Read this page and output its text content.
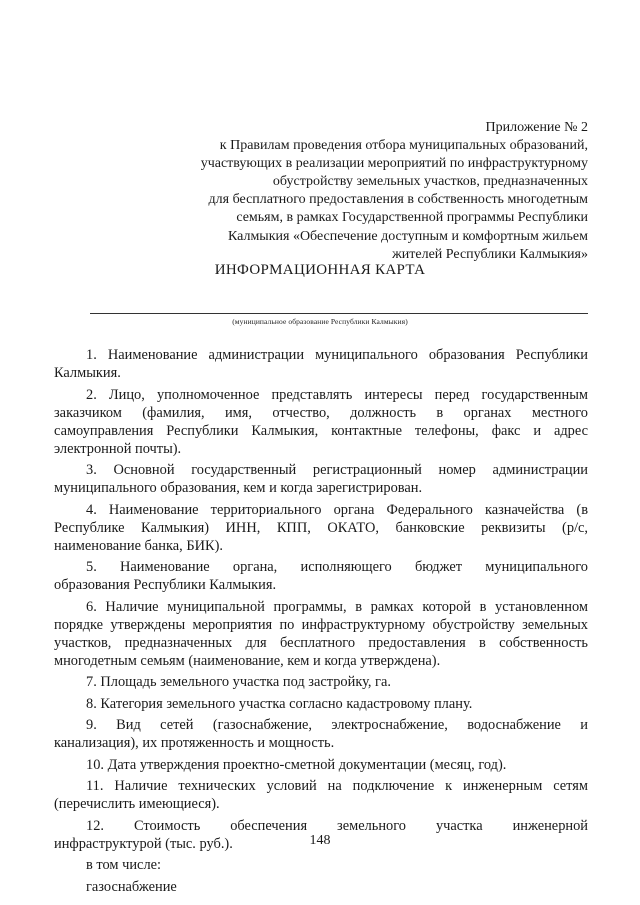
Приложение № 2
к Правилам проведения отбора муниципальных образований,
участвующих в реализации мероприятий по инфраструктурному
обустройству земельных участков, предназначенных
для бесплатного предоставления в собственность многодетным
семьям, в рамках Государственной программы Республики
Калмыкия «Обеспечение доступным и комфортным жильем
жителей Республики Калмыкия»
ИНФОРМАЦИОННАЯ КАРТА
(муниципальное образование Республики Калмыкия)
1. Наименование администрации муниципального образования Республики
Калмыкия.
2. Лицо, уполномоченное представлять интересы перед государственным
заказчиком (фамилия, имя, отчество, должность в органах местного
самоуправления Республики Калмыкия, контактные телефоны, факс и адрес
электронной почты).
3. Основной государственный регистрационный номер администрации
муниципального образования, кем и когда зарегистрирован.
4. Наименование территориального органа Федерального казначейства (в
Республике Калмыкия) ИНН, КПП, ОКАТО, банковские реквизиты (р/с,
наименование банка, БИК).
5. Наименование органа, исполняющего бюджет муниципального
образования Республики Калмыкия.
6. Наличие муниципальной программы, в рамках которой в установленном
порядке утверждены мероприятия по инфраструктурному обустройству земельных
участков, предназначенных для бесплатного предоставления в собственность
многодетным семьям (наименование, кем и когда утверждена).
7. Площадь земельного участка под застройку, га.
8. Категория земельного участка согласно кадастровому плану.
9. Вид сетей (газоснабжение, электроснабжение, водоснабжение и
канализация), их протяженность и мощность.
10. Дата утверждения проектно-сметной документации (месяц, год).
11. Наличие технических условий на подключение к инженерным сетям
(перечислить имеющиеся).
12. Стоимость обеспечения земельного участка инженерной
инфраструктурой (тыс. руб.).
в том числе:
газоснабжение
148
